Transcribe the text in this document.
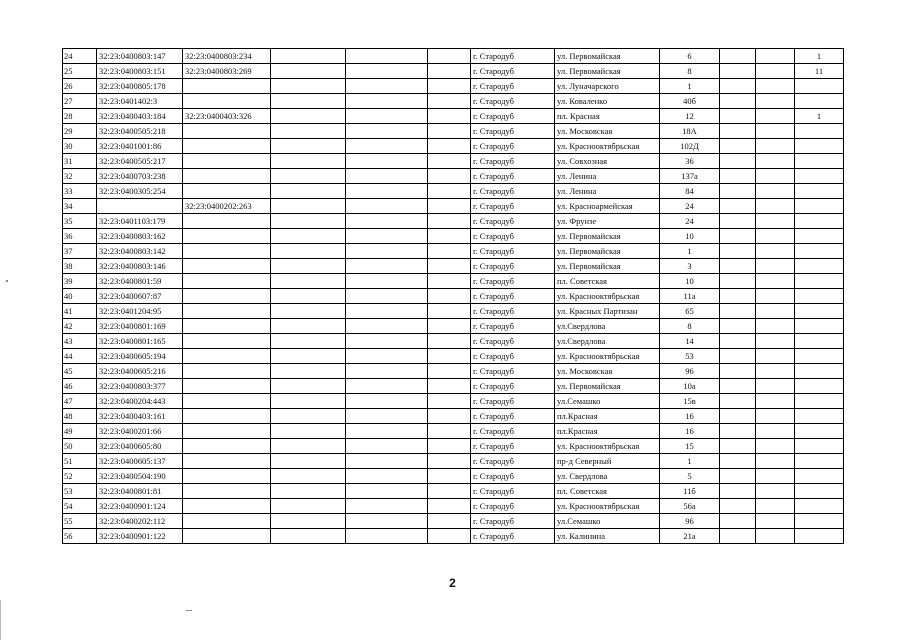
24	32:23:0400803:147	32:23:0400803:234				г. Стародуб	ул. Первомайская	6			1
25	32:23:0400803:151	32:23:0400803:269				г. Стародуб	ул. Первомайская	8			11
26	32:23:0400805:178					г. Стародуб	ул. Луначарского	1			
27	32:23:0401402:3					г. Стародуб	ул. Коваленко	40б			
28	32:23:0400403:184	32:23:0400403:326				г. Стародуб	пл. Красная	12			1
29	32:23:0400505:218					г. Стародуб	ул. Московская	18А			
30	32:23:0401001:86					г. Стародуб	ул. Краснооктябрьская	102Д			
31	32:23:0400505:217					г. Стародуб	ул. Совхозная	36			
32	32:23:0400703:238					г. Стародуб	ул. Ленина	137а			
33	32:23:0400305:254					г. Стародуб	ул. Ленина	84			
34		32:23:0400202:263				г. Стародуб	ул. Красноармейская	24			
35	32:23:0401103:179					г. Стародуб	ул. Фрунзе	24			
36	32:23:0400803:162					г. Стародуб	ул. Первомайская	10			
37	32:23:0400803:142					г. Стародуб	ул. Первомайская	1			
38	32:23:0400803:146					г. Стародуб	ул. Первомайская	3			
39	32:23:0400801:59					г. Стародуб	пл. Советская	10			
40	32:23:0400607:87					г. Стародуб	ул. Краснооктябрьская	11а			
41	32:23:0401204:95					г. Стародуб	ул. Красных Партизан	65			
42	32:23:0400801:169					г. Стародуб	ул.Свердлова	8			
43	32:23:0400801:165					г. Стародуб	ул.Свердлова	14			
44	32:23:0400605:194					г. Стародуб	ул. Краснооктябрьская	53			
45	32:23:0400605:216					г. Стародуб	ул. Московская	96			
46	32:23:0400803:377					г. Стародуб	ул. Первомайская	10а			
47	32:23:0400204:443					г. Стародуб	ул.Семашко	15в			
48	32:23:0400403:161					г. Стародуб	пл.Красная	16			
49	32:23:0400201:66					г. Стародуб	пл.Красная	16			
50	32:23:0400605:80					г. Стародуб	ул. Краснооктябрьская	15			
51	32:23:0400605:137					г. Стародуб	пр-д Северный	1			
52	32:23:0400504:190					г. Стародуб	ул. Свердлова	5			
53	32:23:0400801:81					г. Стародуб	пл. Советская	11б			
54	32:23:0400901:124					г. Стародуб	ул. Краснооктябрьская	56а			
55	32:23:0400202:112					г. Стародуб	ул.Семашко	96			
56	32:23:0400901:122					г. Стародуб	ул. Калинина	21а			
2
